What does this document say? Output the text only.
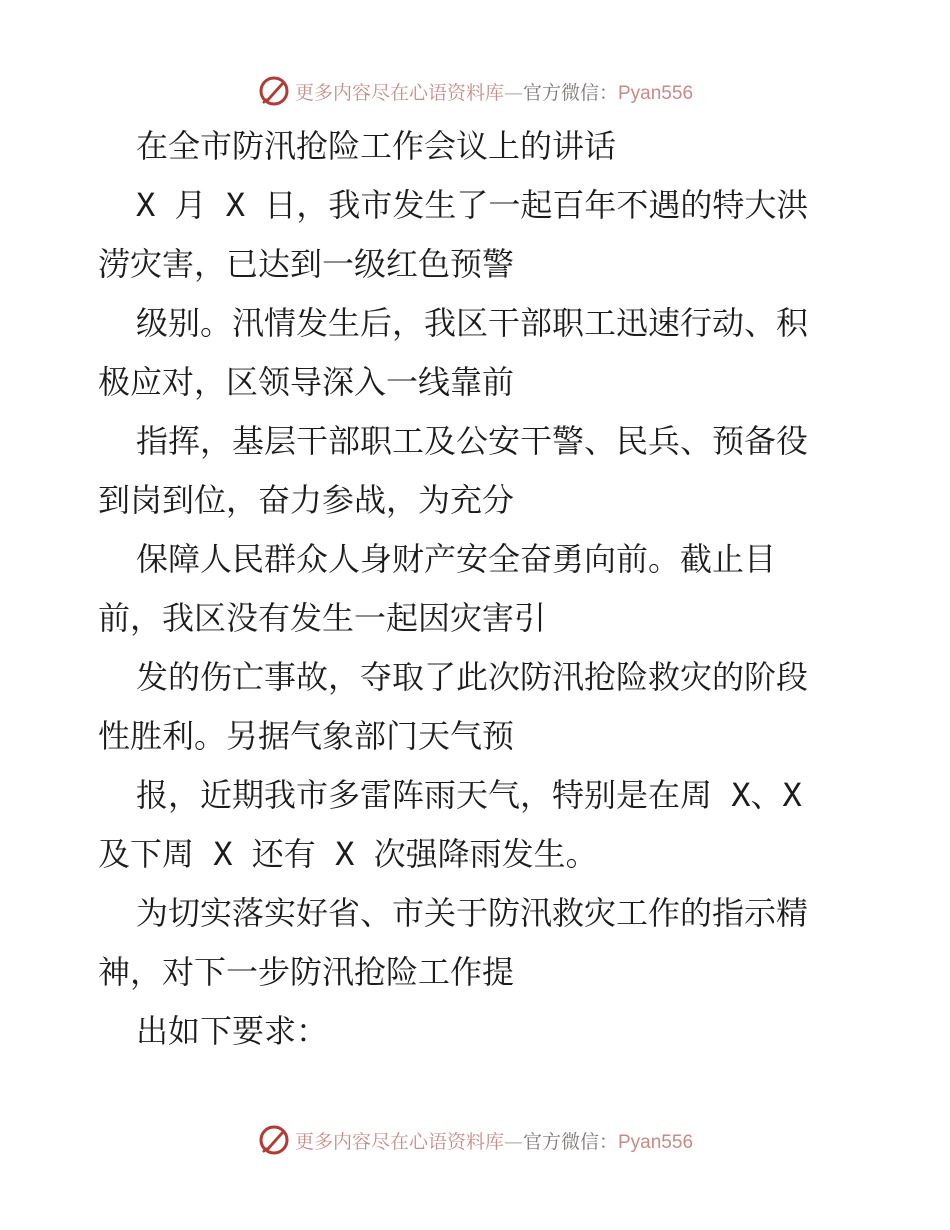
更多内容尽在心语资料库—官方微信：Pyan556
在全市防汛抢险工作会议上的讲话
X 月 X 日，我市发生了一起百年不遇的特大洪
涝灾害，已达到一级红色预警
级别。汛情发生后，我区干部职工迅速行动、积
极应对，区领导深入一线靠前
指挥，基层干部职工及公安干警、民兵、预备役
到岗到位，奋力参战，为充分
保障人民群众人身财产安全奋勇向前。截止目
前，我区没有发生一起因灾害引
发的伤亡事故，夺取了此次防汛抢险救灾的阶段
性胜利。另据气象部门天气预
报，近期我市多雷阵雨天气，特别是在周 X、X
及下周 X 还有 X 次强降雨发生。
为切实落实好省、市关于防汛救灾工作的指示精
神，对下一步防汛抢险工作提
出如下要求：
更多内容尽在心语资料库—官方微信：Pyan556
